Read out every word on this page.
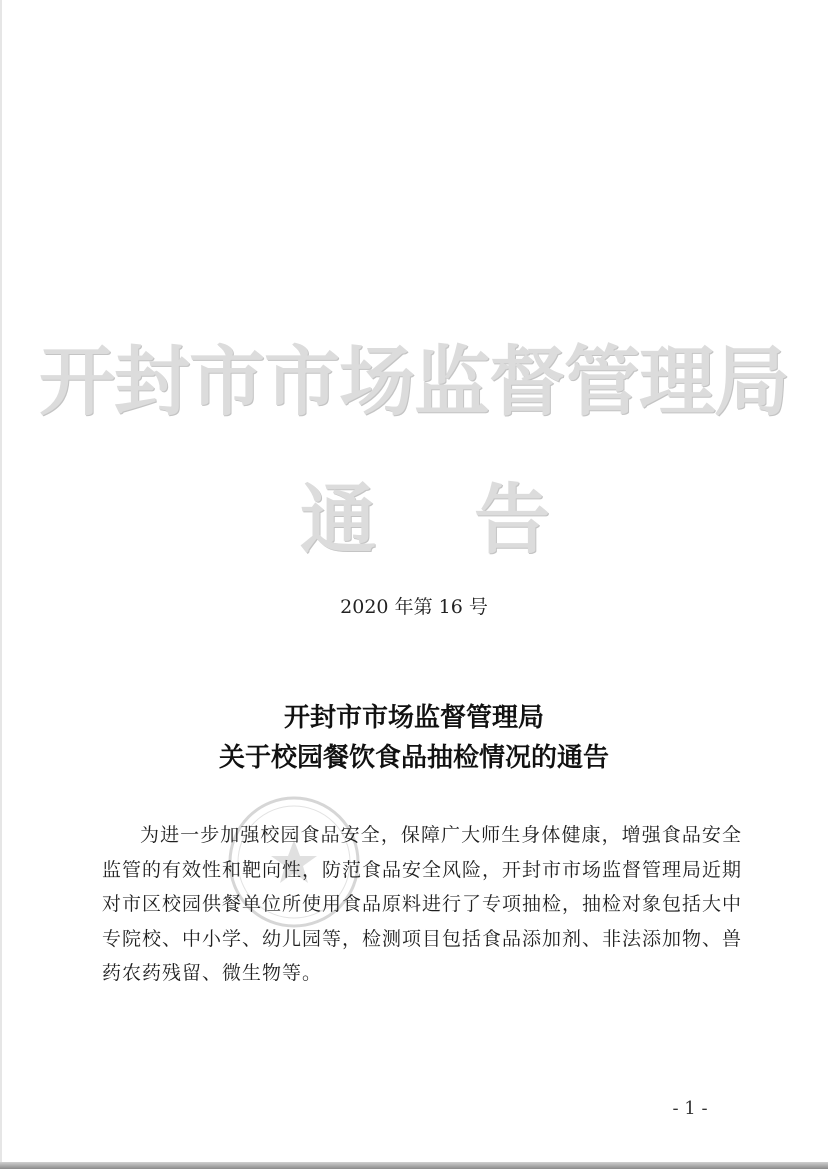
开封市市场监督管理局
通 告
2020 年第 16 号
开封市市场监督管理局
关于校园餐饮食品抽检情况的通告

为进一步加强校园食品安全，保障广大师生身体健康，增强食品安全监管的有效性和靶向性，防范食品安全风险，开封市市场监督管理局近期对市区校园供餐单位所使用食品原料进行了专项抽检，抽检对象包括大中专院校、中小学、幼儿园等，检测项目包括食品添加剂、非法添加物、兽药农药残留、微生物等。

- 1 -
